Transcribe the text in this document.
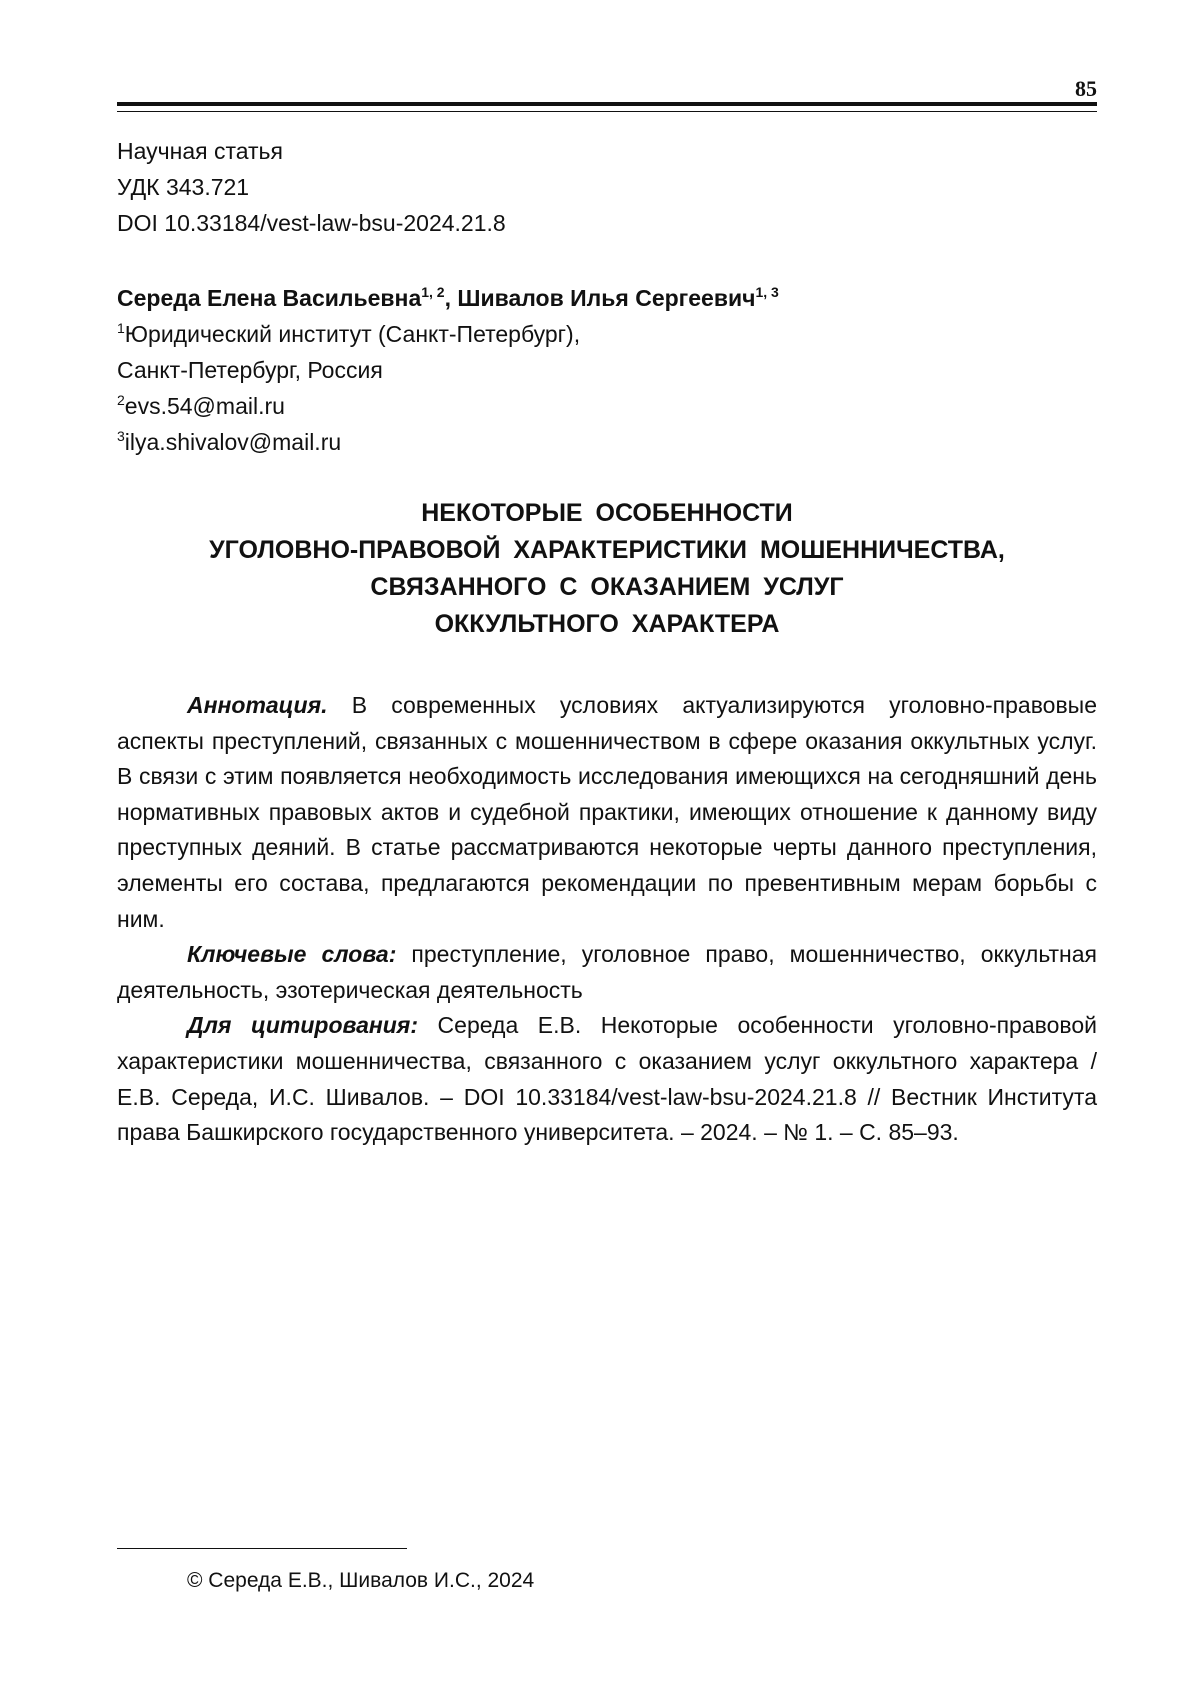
85
Научная статья
УДК 343.721
DOI 10.33184/vest-law-bsu-2024.21.8
Середа Елена Васильевна$^{1, 2}$, Шивалов Илья Сергеевич$^{1, 3}$
$^1$Юридический институт (Санкт-Петербург),
Санкт-Петербург, Россия
$^2$evs.54@mail.ru
$^3$ilya.shivalov@mail.ru
НЕКОТОРЫЕ ОСОБЕННОСТИ
УГОЛОВНО-ПРАВОВОЙ ХАРАКТЕРИСТИКИ МОШЕННИЧЕСТВА,
СВЯЗАННОГО С ОКАЗАНИЕМ УСЛУГ
ОККУЛЬТНОГО ХАРАКТЕРА

Аннотация. В современных условиях актуализируются уголовно-правовые аспекты преступлений, связанных с мошенничеством в сфере оказания оккультных услуг. В связи с этим появляется необходимость исследования имеющихся на сегодняшний день нормативных правовых актов и судебной практики, имеющих отношение к данному виду преступных деяний. В статье рассматриваются некоторые черты данного преступления, элементы его состава, предлагаются рекомендации по превентивным мерам борьбы с ним.

Ключевые слова: преступление, уголовное право, мошенничество, оккультная деятельность, эзотерическая деятельность

Для цитирования: Середа Е.В. Некоторые особенности уголовно-правовой характеристики мошенничества, связанного с оказанием услуг оккультного характера / Е.В. Середа, И.С. Шивалов. – DOI 10.33184/vest-law-bsu-2024.21.8 // Вестник Института права Башкирского государственного университета. – 2024. – № 1. – С. 85–93.

© Середа Е.В., Шивалов И.С., 2024
